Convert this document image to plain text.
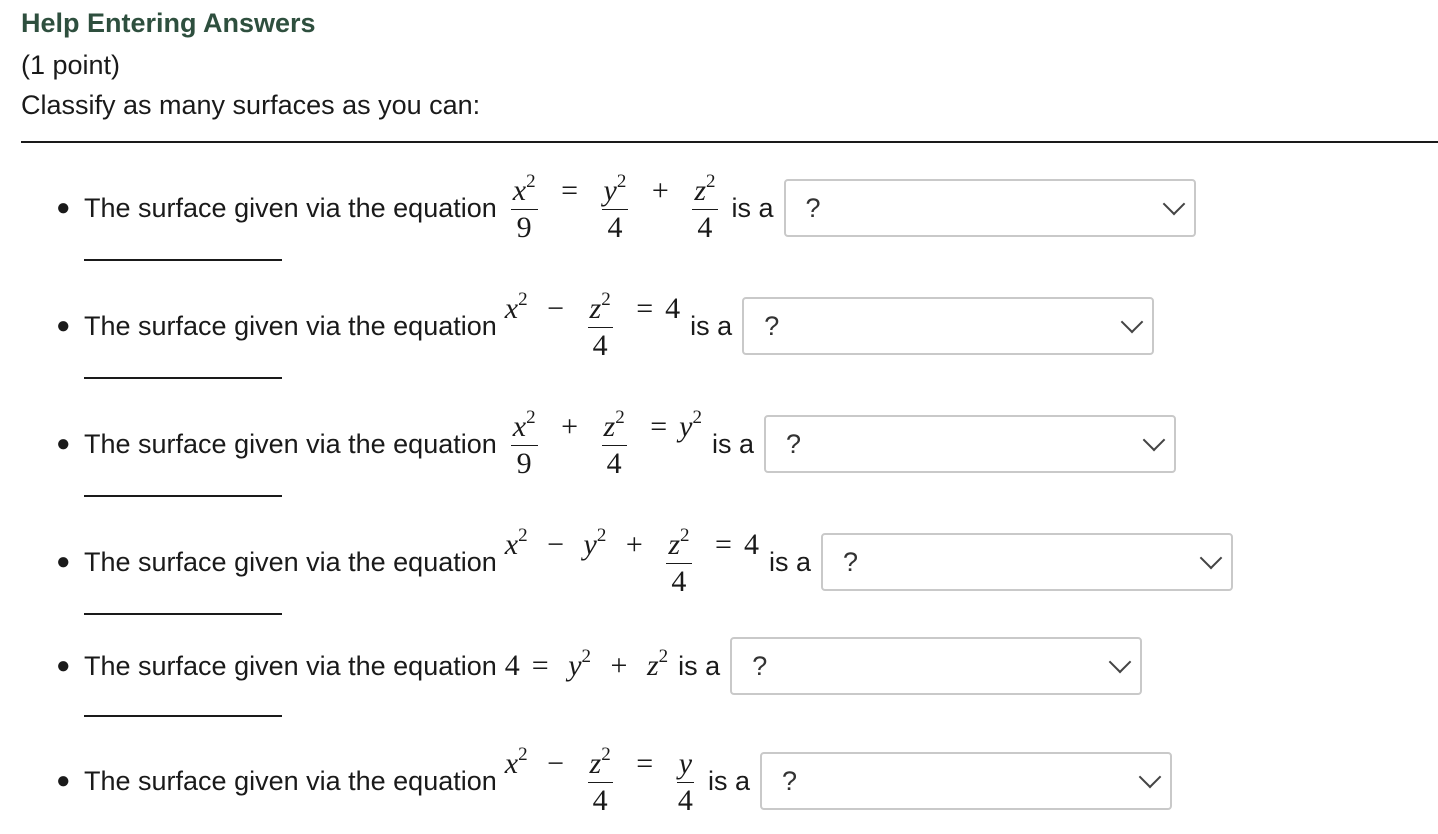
Help Entering Answers
(1 point)
Classify as many surfaces as you can:
● The surface given via the equation $\frac{x^2}{9} = \frac{y^2}{4} + \frac{z^2}{4}$ is a ?
● The surface given via the equation
$x^2 - \frac{z^2}{4} = 4$
is a ?
● The surface given via the equation $\frac{x^2}{9} + \frac{z^2}{4} = y^2$
is a ?
● The surface given via the equation
$x^2 - y^2 + \frac{z^2}{4} = 4$
is a ?
● The surface given via the equation $4 = y^2 + z^2$ is a ?
● The surface given via the equation
$x^2 - \frac{z^2}{4} = \frac{y}{4}$ is a ?
